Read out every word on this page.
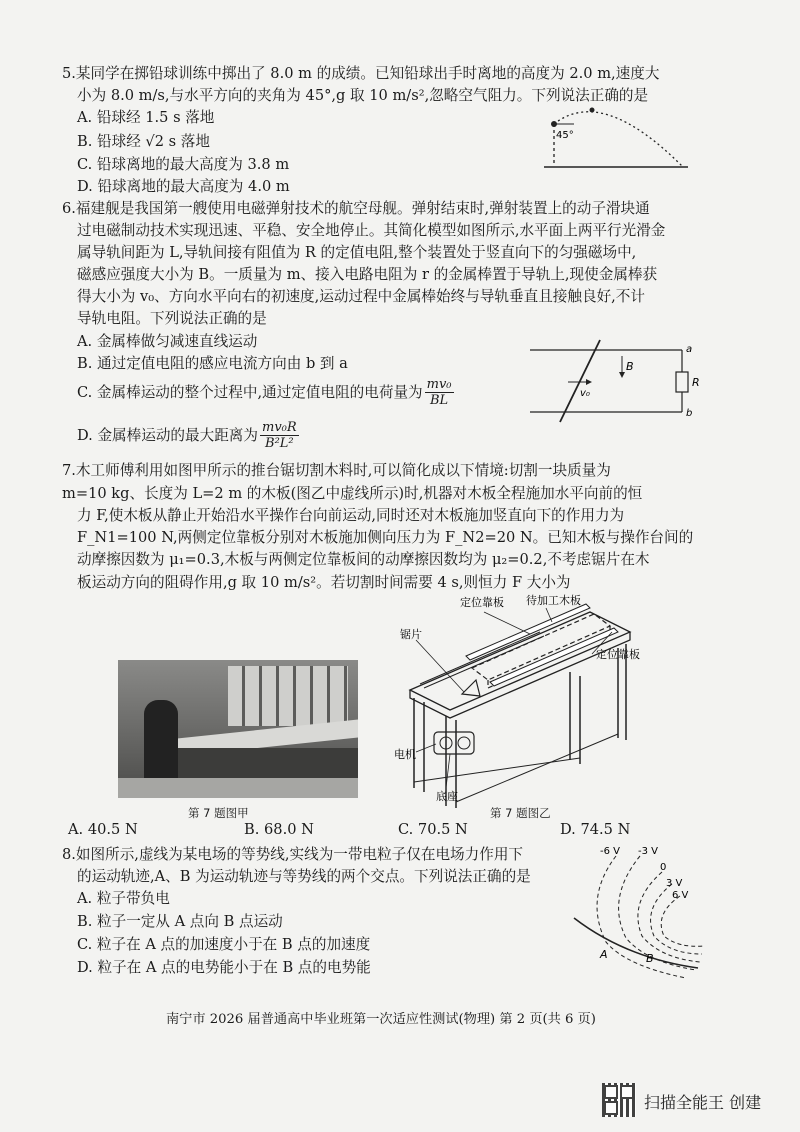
5.某同学在掷铅球训练中掷出了 8.0 m 的成绩。已知铅球出手时离地的高度为 2.0 m,速度大
小为 8.0 m/s,与水平方向的夹角为 45°,g 取 10 m/s²,忽略空气阻力。下列说法正确的是
A. 铅球经 1.5 s 落地
B. 铅球经 √2 s 落地
C. 铅球离地的最大高度为 3.8 m
D. 铅球离地的最大高度为 4.0 m
45°
6.福建舰是我国第一艘使用电磁弹射技术的航空母舰。弹射结束时,弹射装置上的动子滑块通
过电磁制动技术实现迅速、平稳、安全地停止。其简化模型如图所示,水平面上两平行光滑金
属导轨间距为 L,导轨间接有阻值为 R 的定值电阻,整个装置处于竖直向下的匀强磁场中,
磁感应强度大小为 B。一质量为 m、接入电路电阻为 r 的金属棒置于导轨上,现使金属棒获
得大小为 v₀、方向水平向右的初速度,运动过程中金属棒始终与导轨垂直且接触良好,不计
导轨电阻。下列说法正确的是
A. 金属棒做匀减速直线运动
B. 通过定值电阻的感应电流方向由 b 到 a
C. 金属棒运动的整个过程中,通过定值电阻的电荷量为 $\frac{\text{mv₀}}{BL}$
D. 金属棒运动的最大距离为 $\frac{\text{mv₀R}}{\text{B²L²}}$
a
b
B
R
v₀
7.木工师傅利用如图甲所示的推台锯切割木料时,可以简化成以下情境:切割一块质量为
m=10 kg、长度为 L=2 m 的木板(图乙中虚线所示)时,机器对木板全程施加水平向前的恒
力 F,使木板从静止开始沿水平操作台向前运动,同时还对木板施加竖直向下的作用力为
F_N1=100 N,两侧定位靠板分别对木板施加侧向压力为 F_N2=20 N。已知木板与操作台间的
动摩擦因数为 μ₁=0.3,木板与两侧定位靠板间的动摩擦因数均为 μ₂=0.2,不考虑锯片在木
板运动方向的阻碍作用,g 取 10 m/s²。若切割时间需要 4 s,则恒力 F 大小为
第 7 题图甲
定位靠板 待加工木板
锯片
定位靠板
电机
底座
第 7 题图乙
A. 40.5 N	B. 68.0 N	C. 70.5 N	D. 74.5 N
8.如图所示,虚线为某电场的等势线,实线为一带电粒子仅在电场力作用下
的运动轨迹,A、B 为运动轨迹与等势线的两个交点。下列说法正确的是
A. 粒子带负电
B. 粒子一定从 A 点向 B 点运动
C. 粒子在 A 点的加速度小于在 B 点的加速度
D. 粒子在 A 点的电势能小于在 B 点的电势能
-6 V -3 V
0
3 V
6 V
A	B
南宁市 2026 届普通高中毕业班第一次适应性测试(物理) 第 2 页(共 6 页)
扫描全能王 创建
